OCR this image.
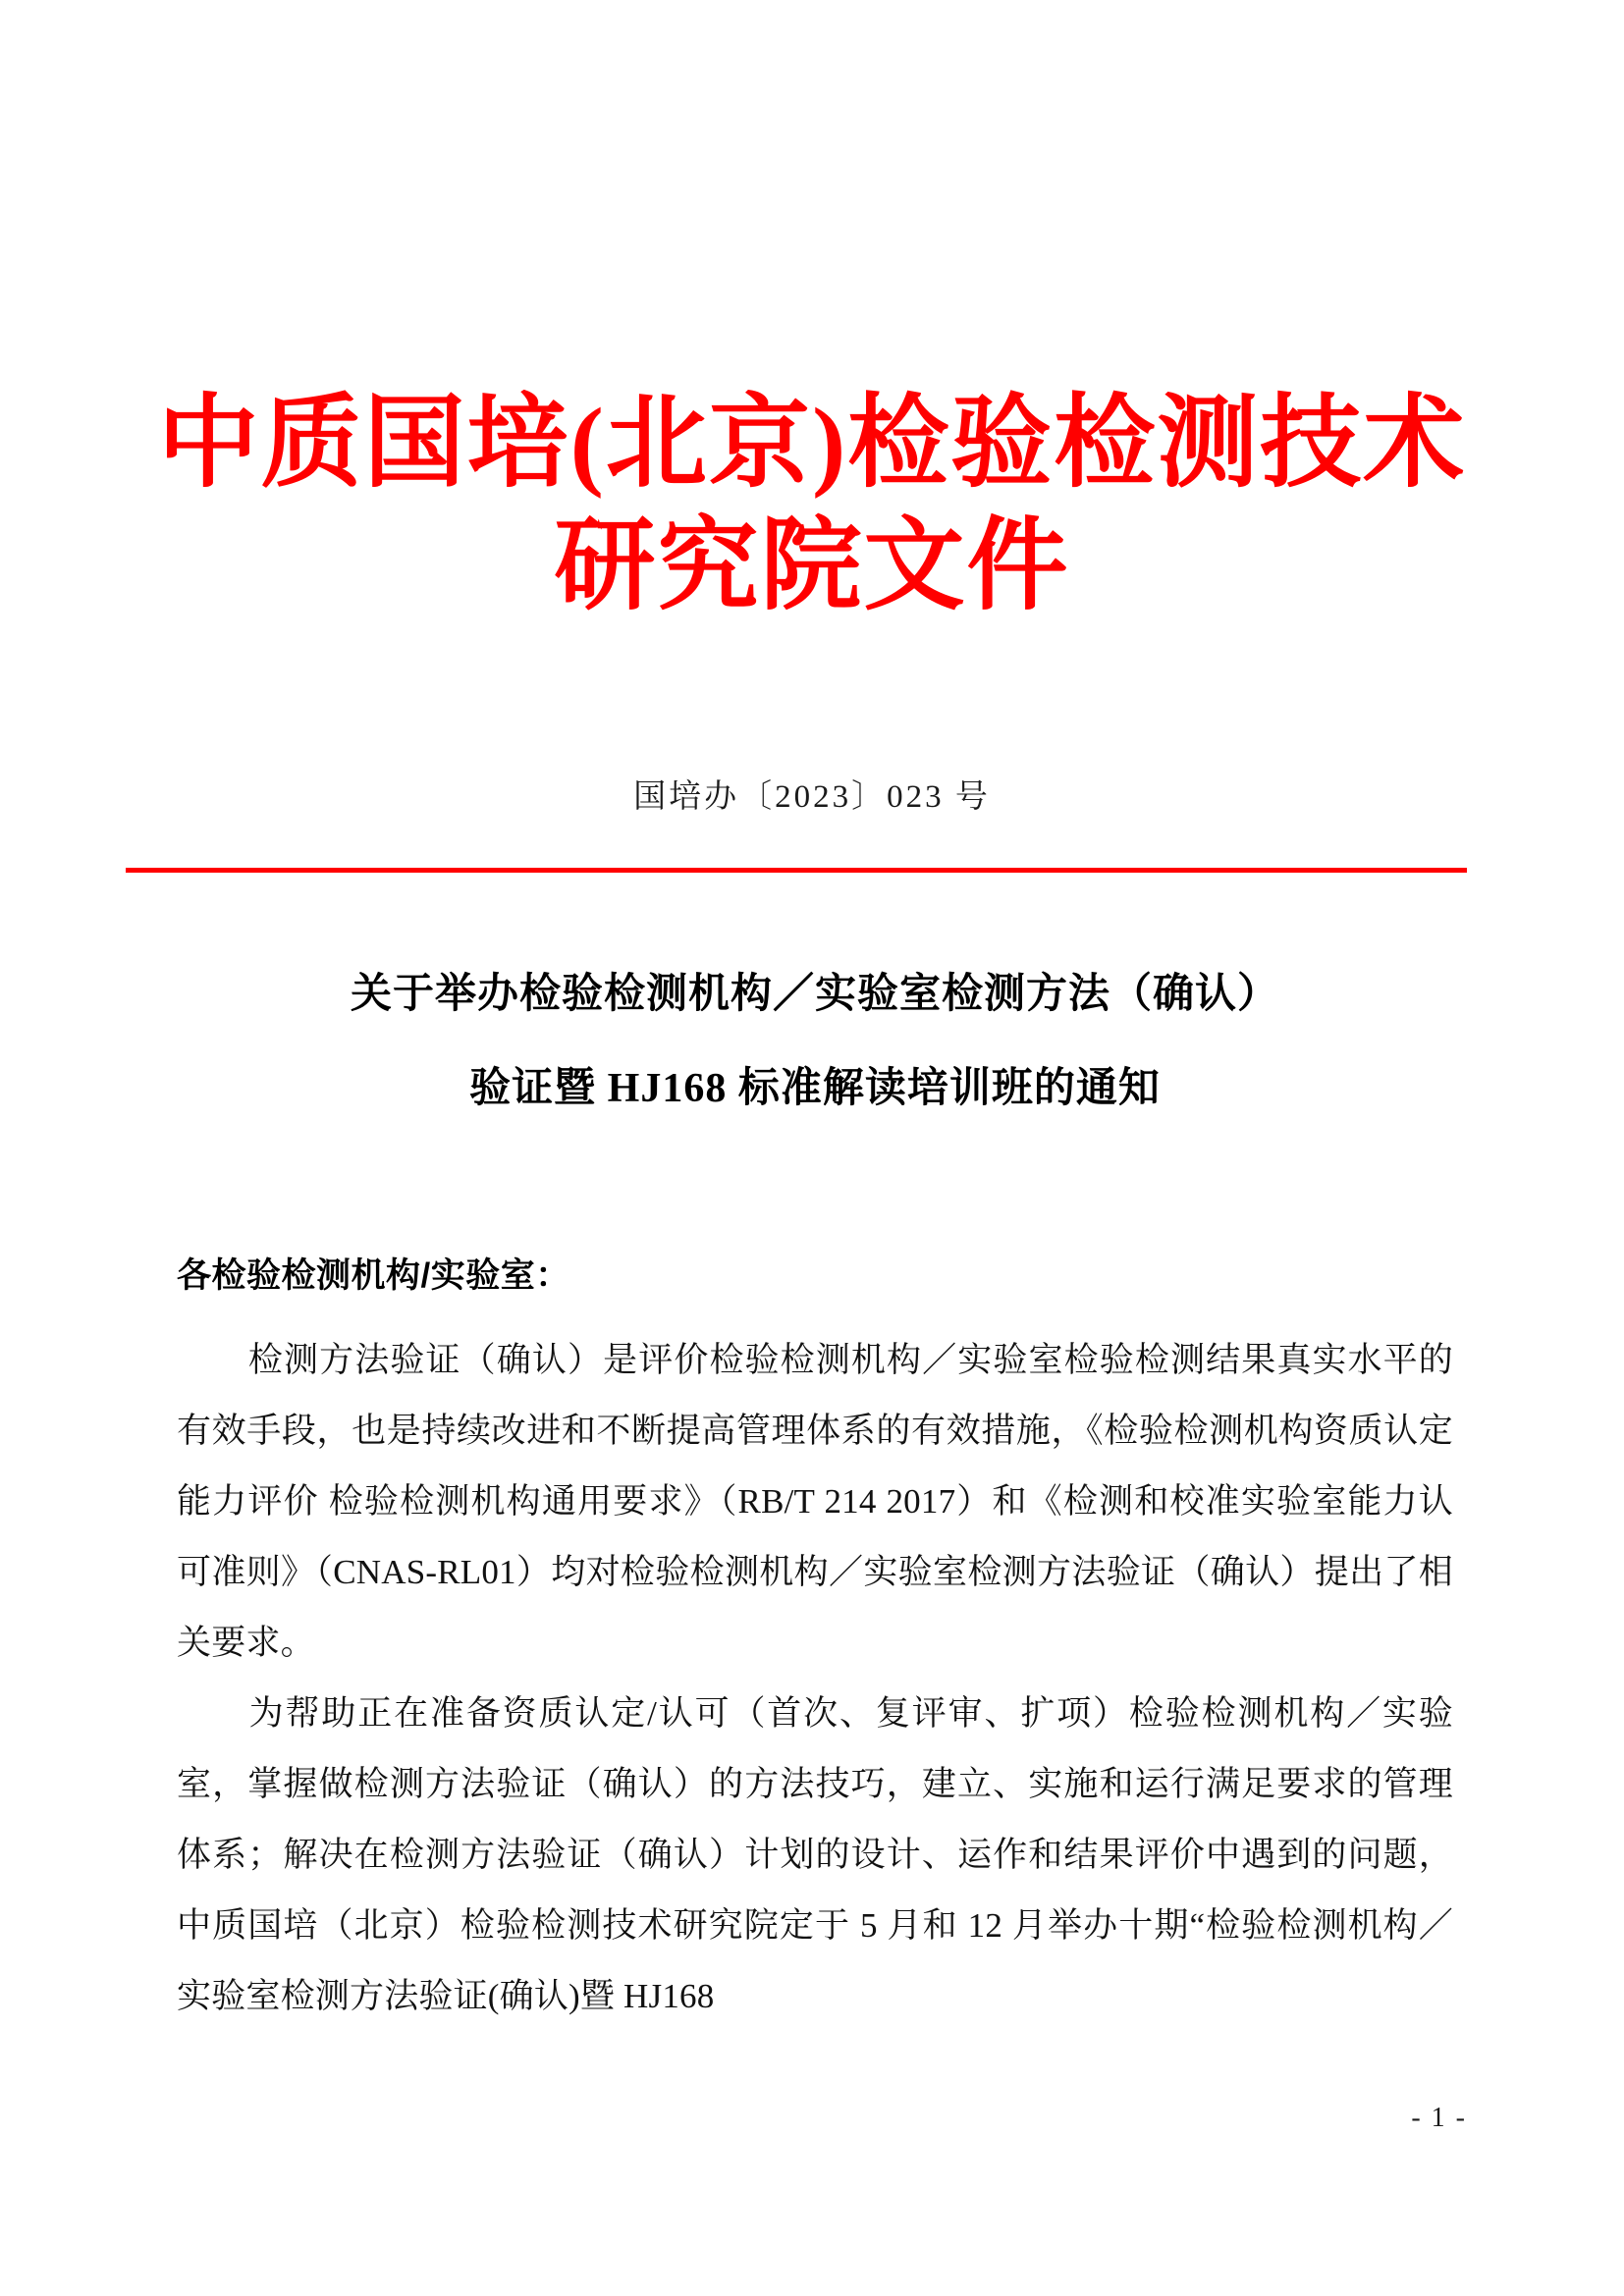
中质国培(北京)检验检测技术
研究院文件
国培办〔2023〕023 号
关于举办检验检测机构／实验室检测方法（确认）
验证暨 HJ168 标准解读培训班的通知

各检验检测机构/实验室：

检测方法验证（确认）是评价检验检测机构／实验室检验检测结果真实水平的有效手段，也是持续改进和不断提高管理体系的有效措施，《检验检测机构资质认定能力评价 检验检测机构通用要求》（RB/T 214 2017）和《检测和校准实验室能力认可准则》（CNAS-RL01）均对检验检测机构／实验室检测方法验证（确认）提出了相关要求。

为帮助正在准备资质认定/认可（首次、复评审、扩项）检验检测机构／实验室，掌握做检测方法验证（确认）的方法技巧，建立、实施和运行满足要求的管理体系；解决在检测方法验证（确认）计划的设计、运作和结果评价中遇到的问题，中质国培（北京）检验检测技术研究院定于 5 月和 12 月举办十期“检验检测机构／实验室检测方法验证(确认)暨 HJ168

- 1 -
